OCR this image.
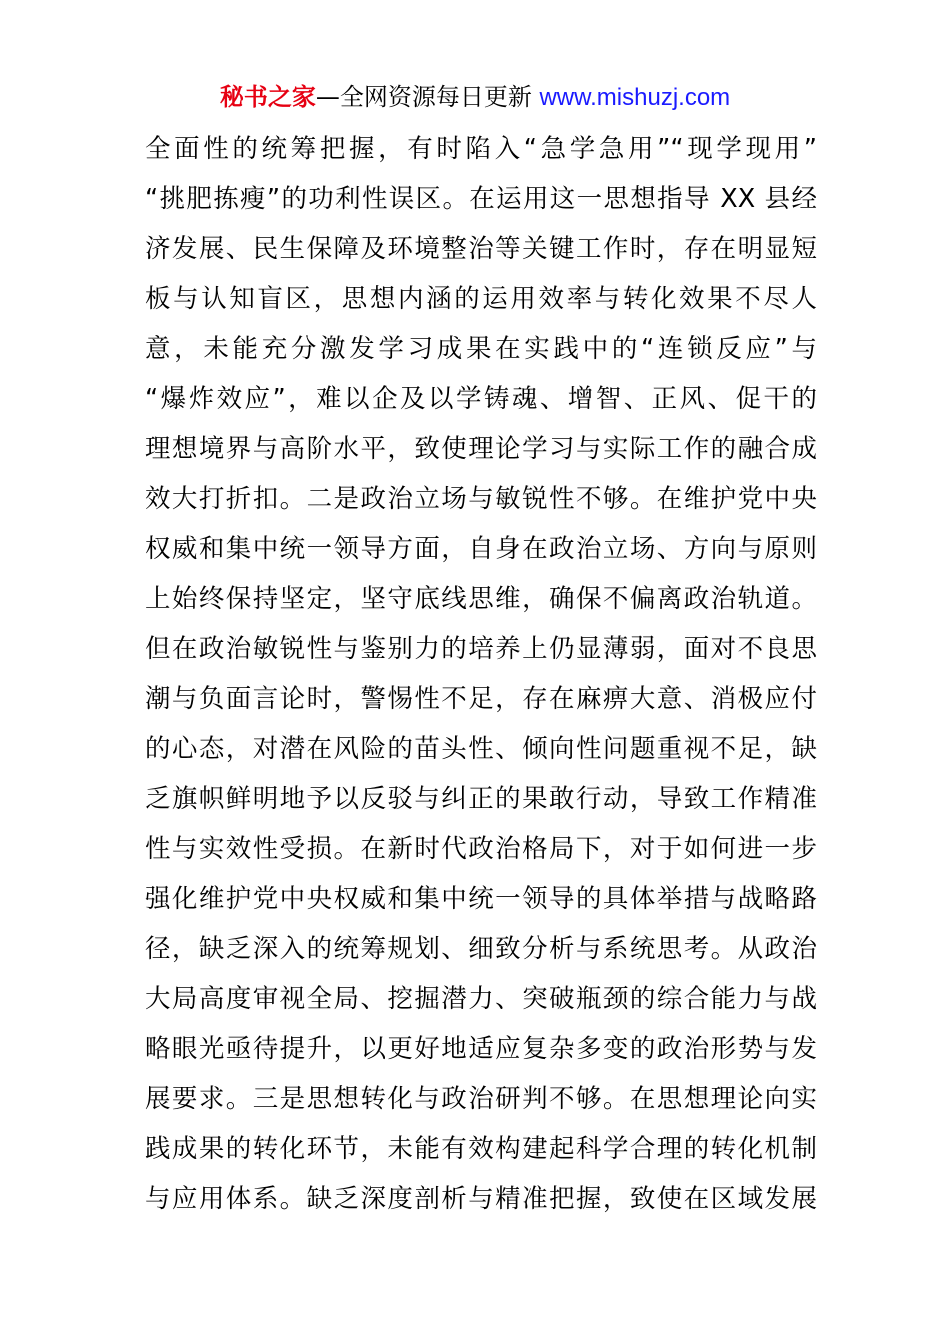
秘书之家—全网资源每日更新 www.mishuzj.com
全面性的统筹把握，有时陷入“急学急用”“现学现用”
“挑肥拣瘦”的功利性误区。在运用这一思想指导 XX 县经
济发展、民生保障及环境整治等关键工作时，存在明显短
板与认知盲区，思想内涵的运用效率与转化效果不尽人
意，未能充分激发学习成果在实践中的“连锁反应”与
“爆炸效应”，难以企及以学铸魂、增智、正风、促干的
理想境界与高阶水平，致使理论学习与实际工作的融合成
效大打折扣。二是政治立场与敏锐性不够。在维护党中央
权威和集中统一领导方面，自身在政治立场、方向与原则
上始终保持坚定，坚守底线思维，确保不偏离政治轨道。
但在政治敏锐性与鉴别力的培养上仍显薄弱，面对不良思
潮与负面言论时，警惕性不足，存在麻痹大意、消极应付
的心态，对潜在风险的苗头性、倾向性问题重视不足，缺
乏旗帜鲜明地予以反驳与纠正的果敢行动，导致工作精准
性与实效性受损。在新时代政治格局下，对于如何进一步
强化维护党中央权威和集中统一领导的具体举措与战略路
径，缺乏深入的统筹规划、细致分析与系统思考。从政治
大局高度审视全局、挖掘潜力、突破瓶颈的综合能力与战
略眼光亟待提升，以更好地适应复杂多变的政治形势与发
展要求。三是思想转化与政治研判不够。在思想理论向实
践成果的转化环节，未能有效构建起科学合理的转化机制
与应用体系。缺乏深度剖析与精准把握，致使在区域发展
